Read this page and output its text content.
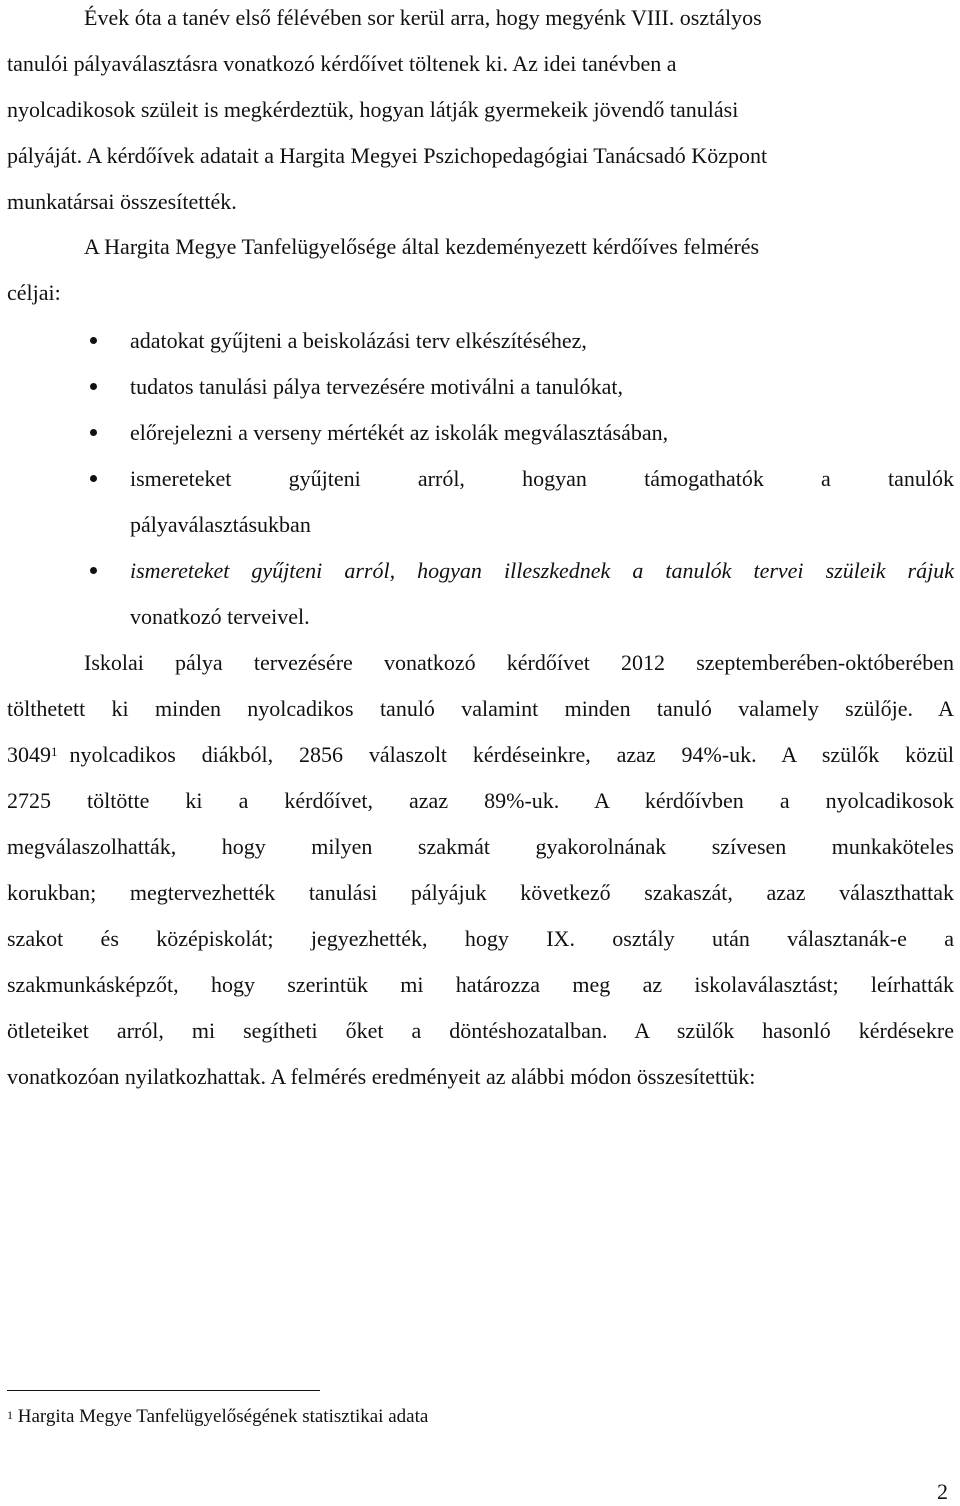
Évek óta a tanév első félévében sor kerül arra, hogy megyénk VIII. osztályos
tanulói pályaválasztásra vonatkozó kérdőívet töltenek ki. Az idei tanévben a
nyolcadikosok szüleit is megkérdeztük, hogyan látják gyermekeik jövendő tanulási
pályáját. A kérdőívek adatait a Hargita Megyei Pszichopedagógiai Tanácsadó Központ
munkatársai összesítették.
A Hargita Megye Tanfelügyelősége által kezdeményezett kérdőíves felmérés
céljai:
adatokat gyűjteni a beiskolázási terv elkészítéséhez,
tudatos tanulási pálya tervezésére motiválni a tanulókat,
előrejelezni a verseny mértékét az iskolák megválasztásában,
ismereteket gyűjteni arról, hogyan támogathatók a tanulók
pályaválasztásukban
ismereteket gyűjteni arról, hogyan illeszkednek a tanulók tervei szüleik rájuk
vonatkozó terveivel.
Iskolai pálya tervezésére vonatkozó kérdőívet 2012 szeptemberében-októberében
tölthetett ki minden nyolcadikos tanuló valamint minden tanuló valamely szülője. A
3049$^1$ nyolcadikos diákból, 2856 válaszolt kérdéseinkre, azaz 94%-uk. A szülők közül
2725 töltötte ki a kérdőívet, azaz 89%-uk. A kérdőívben a nyolcadikosok
megválaszolhatták, hogy milyen szakmát gyakorolnának szívesen munkaköteles
korukban; megtervezhették tanulási pályájuk következő szakaszát, azaz választhattak
szakot és középiskolát; jegyezhették, hogy IX. osztály után választanák-e a
szakmunkásképzőt, hogy szerintük mi határozza meg az iskolaválasztást; leírhatták
ötleteiket arról, mi segítheti őket a döntéshozatalban. A szülők hasonló kérdésekre
vonatkozóan nyilatkozhattak. A felmérés eredményeit az alábbi módon összesítettük:
$^1$ Hargita Megye Tanfelügyelőségének statisztikai adata
2
